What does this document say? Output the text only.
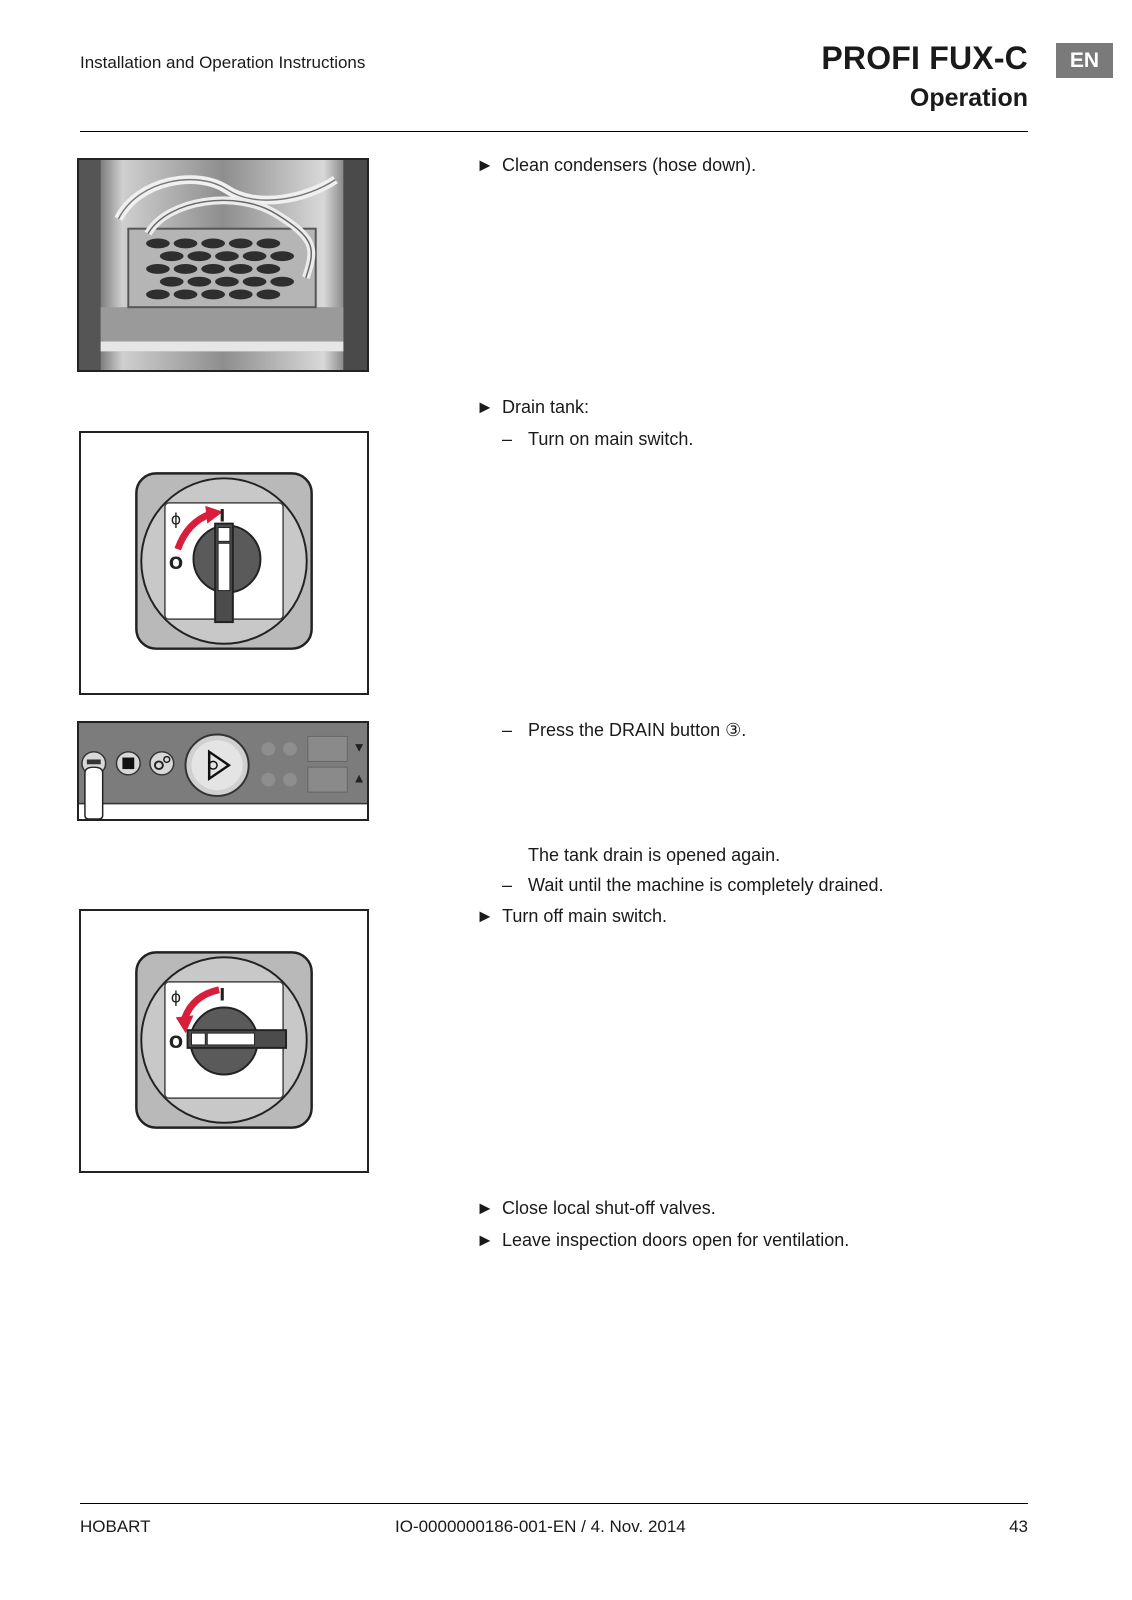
Installation and Operation Instructions	PROFI FUX-C
Operation
EN
ϕ I
O
ϕ I
O
► Clean condensers (hose down).
► Drain tank:
– Turn on main switch.
– Press the DRAIN button ③.
The tank drain is opened again.
– Wait until the machine is completely drained.
► Turn off main switch.
► Close local shut-off valves.
► Leave inspection doors open for ventilation.
HOBART	IO-0000000186-001-EN / 4. Nov. 2014	43
